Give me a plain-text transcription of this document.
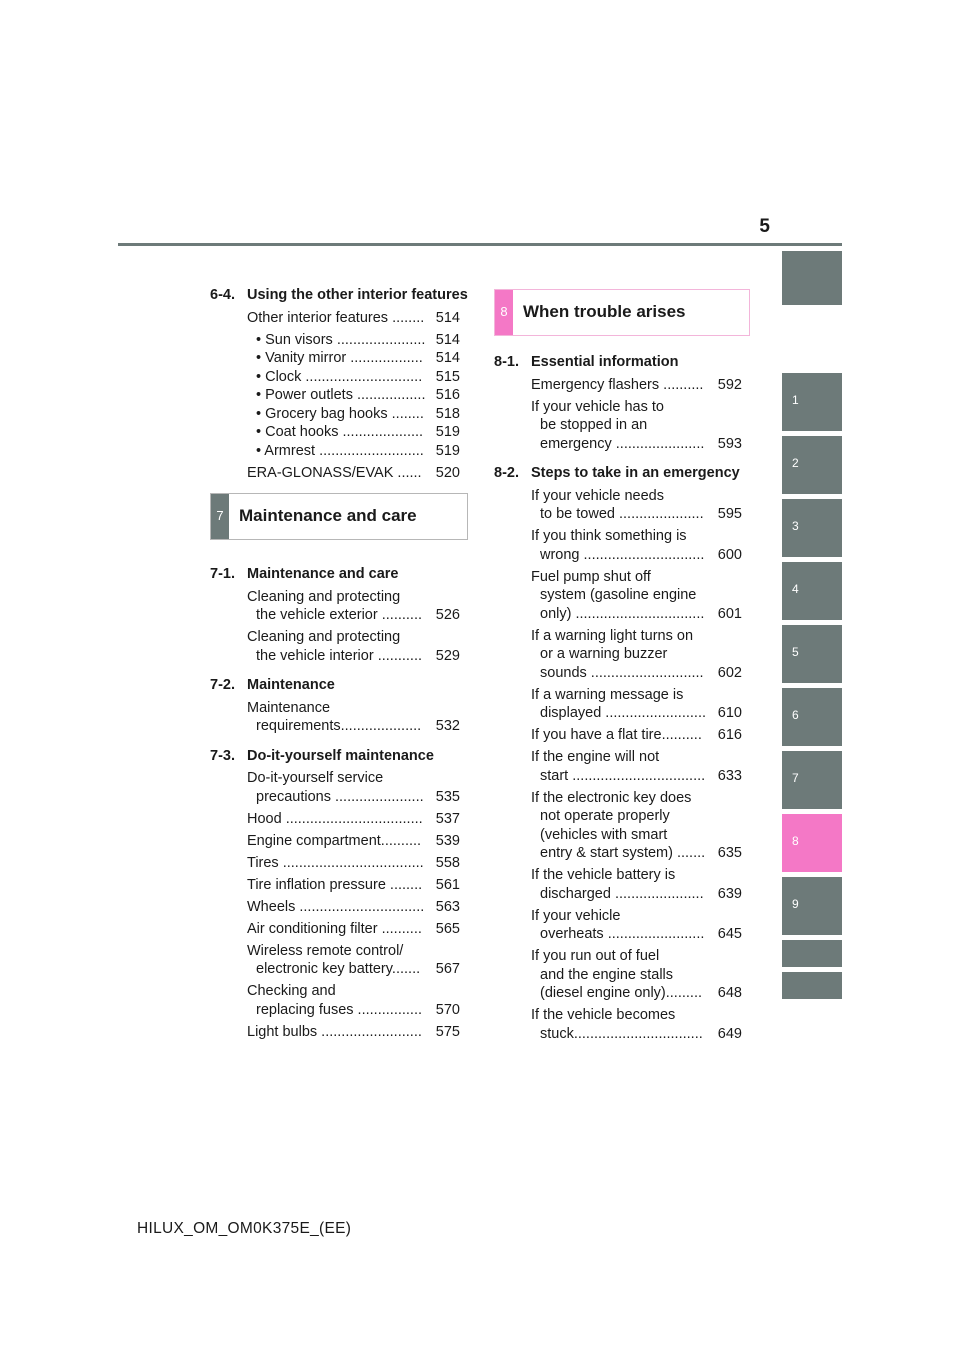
5
1
2
3
4
5
6
7
8
9
6-4. Using the other interior features
Other interior features ........ 514
• Sun visors ...................... 514
• Vanity mirror .................. 514
• Clock ............................. 515
• Power outlets ................. 516
• Grocery bag hooks ........ 518
• Coat hooks .................... 519
• Armrest .......................... 519
ERA-GLONASS/EVAK ...... 520
7 Maintenance and care
7-1. Maintenance and care
Cleaning and protecting
the vehicle exterior .......... 526
Cleaning and protecting
the vehicle interior ........... 529
7-2. Maintenance
Maintenance
requirements....................	532
7-3. Do-it-yourself maintenance
Do-it-yourself service
precautions ...................... 535
Hood .................................. 537
Engine compartment..........	539
Tires ................................... 558
Tire inflation pressure ........ 561
Wheels ............................... 563
Air conditioning filter .......... 565
Wireless remote control/
electronic key battery.......	567
Checking and
replacing fuses ................ 570
Light bulbs ......................... 575
8 When trouble arises
8-1. Essential information
Emergency flashers .......... 592
If your vehicle has to
be stopped in an
emergency ...................... 593
8-2. Steps to take in an emergency
If your vehicle needs
to be towed ..................... 595
If you think something is
wrong .............................. 600
Fuel pump shut off
system (gasoline engine
only) ................................ 601
If a warning light turns on
or a warning buzzer
sounds ............................ 602
If a warning message is
displayed ......................... 610
If you have a flat tire..........	616
If the engine will not
start ................................. 633
If the electronic key does
not operate properly
(vehicles with smart
entry & start system) ....... 635
If the vehicle battery is
discharged ...................... 639
If your vehicle
overheats ........................ 645
If you run out of fuel
and the engine stalls
(diesel engine only).........	648
If the vehicle becomes
stuck................................	649
HILUX_OM_OM0K375E_(EE)
